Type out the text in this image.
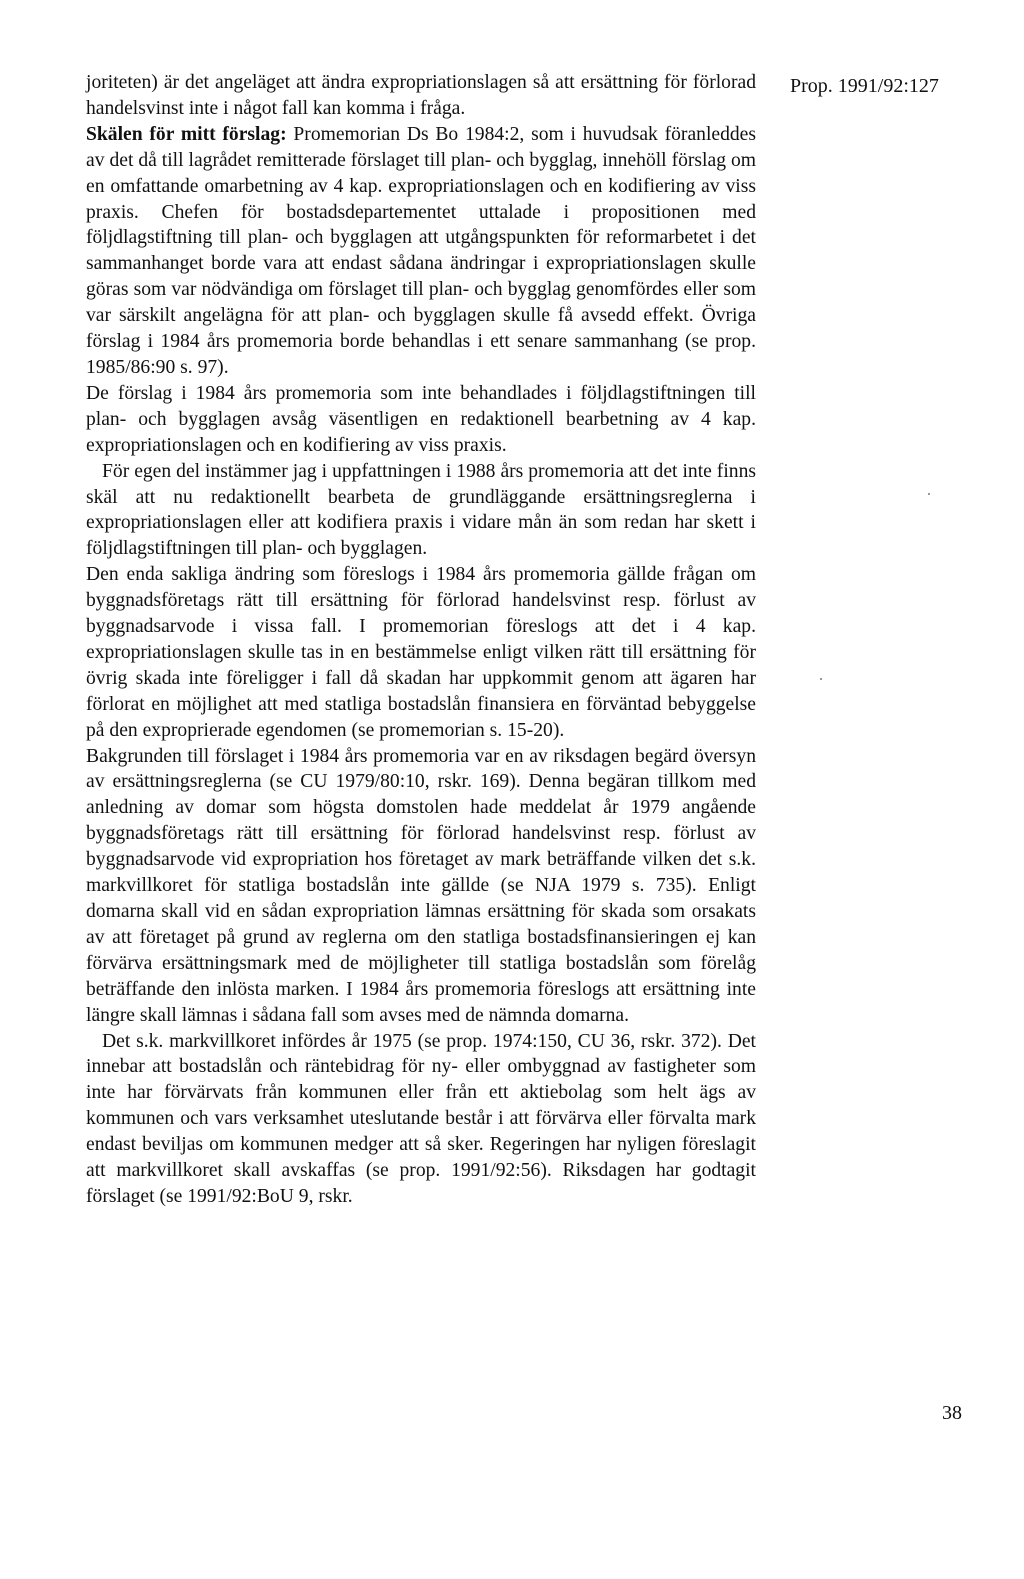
Prop. 1991/92:127

joriteten) är det angeläget att ändra expropriationslagen så att ersättning för förlorad handelsvinst inte i något fall kan komma i fråga.

Skälen för mitt förslag: Promemorian Ds Bo 1984:2, som i huvudsak föranleddes av det då till lagrådet remitterade förslaget till plan- och bygglag, innehöll förslag om en omfattande omarbetning av 4 kap. expropriationslagen och en kodifiering av viss praxis. Chefen för bostadsdepartementet uttalade i propositionen med följdlagstiftning till plan- och bygglagen att utgångspunkten för reformarbetet i det sammanhanget borde vara att endast sådana ändringar i expropriationslagen skulle göras som var nödvändiga om förslaget till plan- och bygglag genomfördes eller som var särskilt angelägna för att plan- och bygglagen skulle få avsedd effekt. Övriga förslag i 1984 års promemoria borde behandlas i ett senare sammanhang (se prop. 1985/86:90 s. 97).

De förslag i 1984 års promemoria som inte behandlades i följdlagstiftningen till plan- och bygglagen avsåg väsentligen en redaktionell bearbetning av 4 kap. expropriationslagen och en kodifiering av viss praxis.

För egen del instämmer jag i uppfattningen i 1988 års promemoria att det inte finns skäl att nu redaktionellt bearbeta de grundläggande ersättningsreglerna i expropriationslagen eller att kodifiera praxis i vidare mån än som redan har skett i följdlagstiftningen till plan- och bygglagen.

Den enda sakliga ändring som föreslogs i 1984 års promemoria gällde frågan om byggnadsföretags rätt till ersättning för förlorad handelsvinst resp. förlust av byggnadsarvode i vissa fall. I promemorian föreslogs att det i 4 kap. expropriationslagen skulle tas in en bestämmelse enligt vilken rätt till ersättning för övrig skada inte föreligger i fall då skadan har uppkommit genom att ägaren har förlorat en möjlighet att med statliga bostadslån finansiera en förväntad bebyggelse på den exproprierade egendomen (se promemorian s. 15-20).

Bakgrunden till förslaget i 1984 års promemoria var en av riksdagen begärd översyn av ersättningsreglerna (se CU 1979/80:10, rskr. 169). Denna begäran tillkom med anledning av domar som högsta domstolen hade meddelat år 1979 angående byggnadsföretags rätt till ersättning för förlorad handelsvinst resp. förlust av byggnadsarvode vid expropriation hos företaget av mark beträffande vilken det s.k. markvillkoret för statliga bostadslån inte gällde (se NJA 1979 s. 735). Enligt domarna skall vid en sådan expropriation lämnas ersättning för skada som orsakats av att företaget på grund av reglerna om den statliga bostadsfinansieringen ej kan förvärva ersättningsmark med de möjligheter till statliga bostadslån som förelåg beträffande den inlösta marken. I 1984 års promemoria föreslogs att ersättning inte längre skall lämnas i sådana fall som avses med de nämnda domarna.

Det s.k. markvillkoret infördes år 1975 (se prop. 1974:150, CU 36, rskr. 372). Det innebar att bostadslån och räntebidrag för ny- eller ombyggnad av fastigheter som inte har förvärvats från kommunen eller från ett aktiebolag som helt ägs av kommunen och vars verksamhet uteslutande består i att förvärva eller förvalta mark endast beviljas om kommunen medger att så sker. Regeringen har nyligen föreslagit att markvillkoret skall avskaffas (se prop. 1991/92:56). Riksdagen har godtagit förslaget (se 1991/92:BoU 9, rskr.

38
